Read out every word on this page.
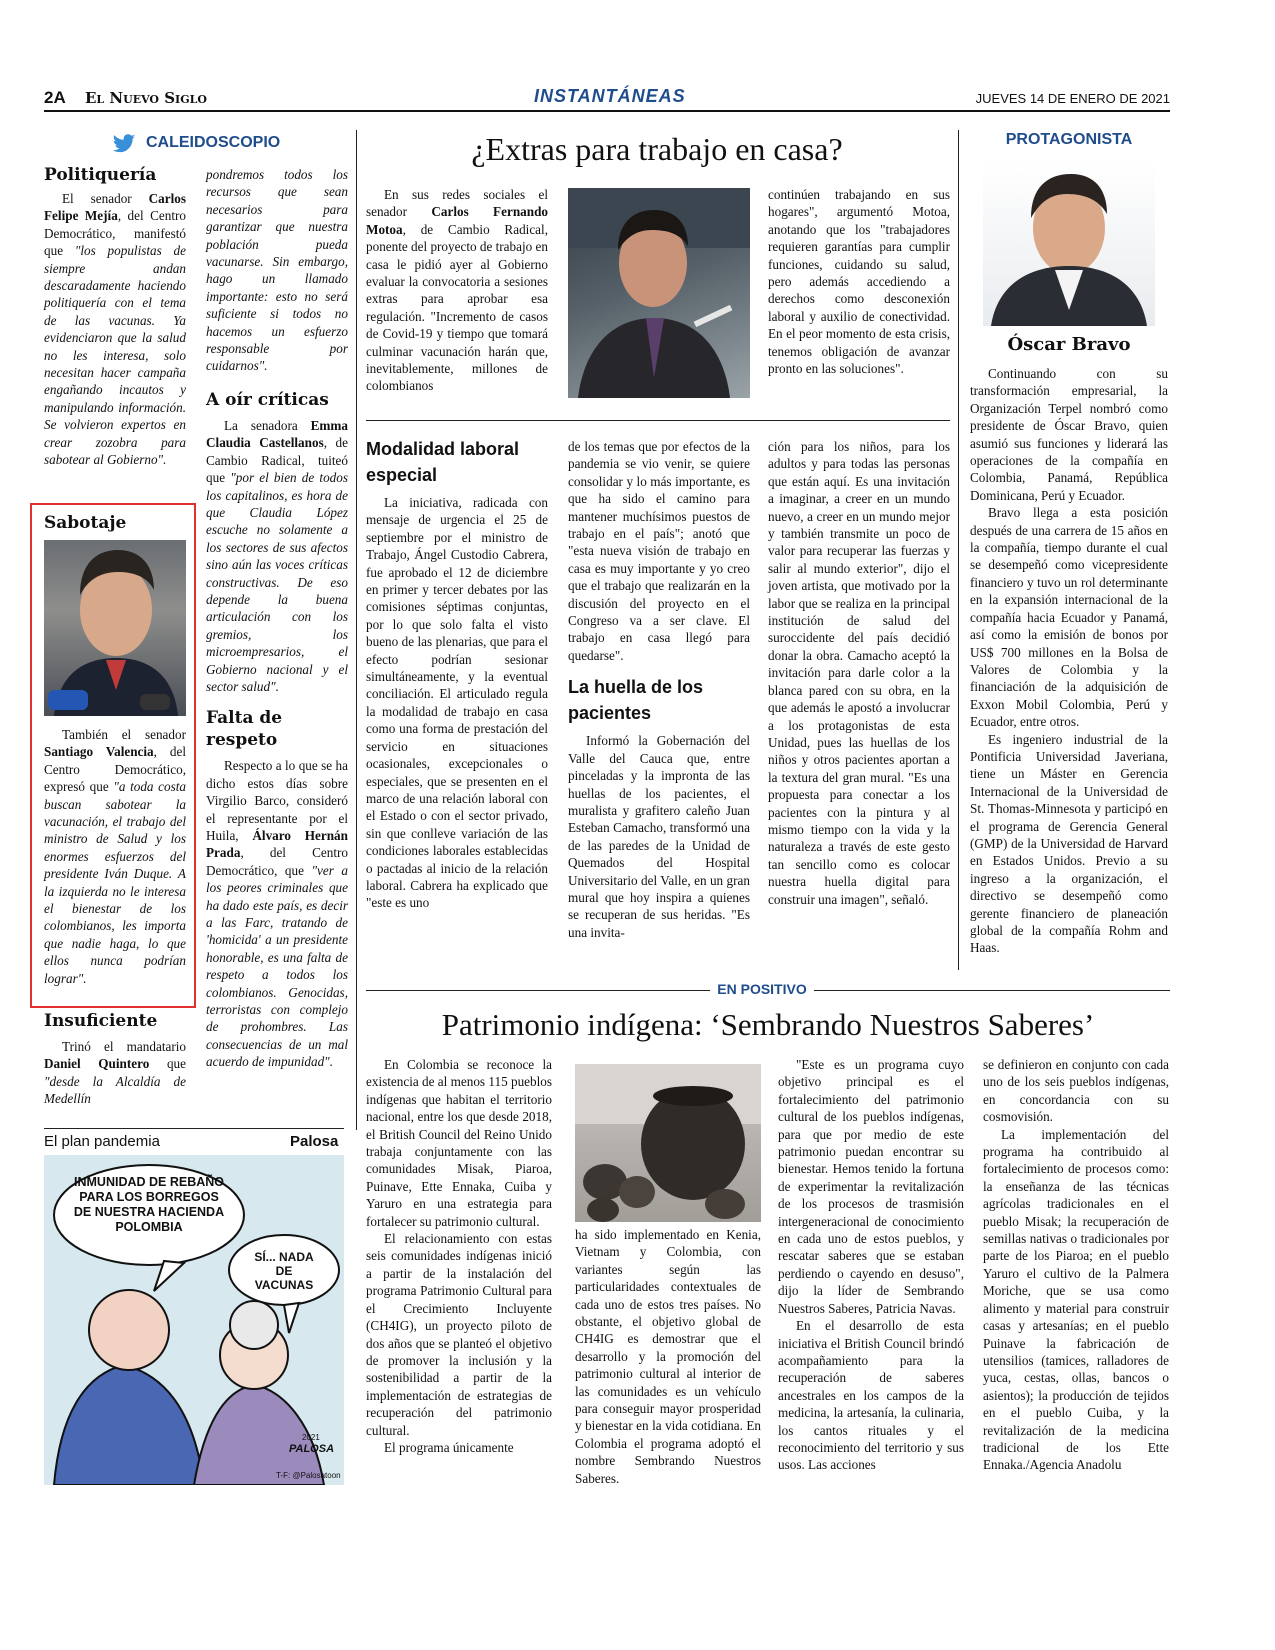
2A El Nuevo Siglo	INSTANTÁNEAS	JUEVES 14 DE ENERO DE 2021
CALEIDOSCOPIO
Politiquería

El senador Carlos Felipe Mejía, del Centro Democrático, manifestó que "los populistas de siempre andan descaradamente haciendo politiquería con el tema de las vacunas. Ya evidenciaron que la salud no les interesa, solo necesitan hacer campaña engañando incautos y manipulando información. Se volvieron expertos en crear zozobra para sabotear al Gobierno".

Sabotaje

También el senador Santiago Valencia, del Centro Democrático, expresó que "a toda costa buscan sabotear la vacunación, el trabajo del ministro de Salud y los enormes esfuerzos del presidente Iván Duque. A la izquierda no le interesa el bienestar de los colombianos, les importa que nadie haga, lo que ellos nunca podrían lograr".

Insuficiente

Trinó el mandatario Daniel Quintero que "desde la Alcaldía de Medellín

pondremos todos los recursos que sean necesarios para garantizar que nuestra población pueda vacunarse. Sin embargo, hago un llamado importante: esto no será suficiente si todos no hacemos un esfuerzo responsable por cuidarnos".
A oír críticas

La senadora Emma Claudia Castellanos, de Cambio Radical, tuiteó que "por el bien de todos los capitalinos, es hora de que Claudia López escuche no solamente a los sectores de sus afectos sino aún las voces críticas constructivas. De eso depende la buena articulación con los gremios, los microempresarios, el Gobierno nacional y el sector salud".

Falta de respeto

Respecto a lo que se ha dicho estos días sobre Virgilio Barco, consideró el representante por el Huila, Álvaro Hernán Prada, del Centro Democrático, que "ver a los peores criminales que ha dado este país, es decir a las Farc, tratando de 'homicida' a un presidente honorable, es una falta de respeto a todos los colombianos. Genocidas, terroristas con complejo de prohombres. Las consecuencias de un mal acuerdo de impunidad".

El plan pandemia	Palosa
INMUNIDAD DE REBAÑO PARA LOS BORREGOS DE NUESTRA HACIENDA POLOMBIA
SÍ... NADA DE VACUNAS
PALOSA
2021
T-F: @Palosatoon
¿Extras para trabajo en casa?

En sus redes sociales el senador Carlos Fernando Motoa, de Cambio Radical, ponente del proyecto de trabajo en casa le pidió ayer al Gobierno evaluar la convocatoria a sesiones extras para aprobar esa regulación. "Incremento de casos de Covid-19 y tiempo que tomará culminar vacunación harán que, inevitablemente, millones de colombianos

continúen trabajando en sus hogares", argumentó Motoa, anotando que los "trabajadores requieren garantías para cumplir funciones, cuidando su salud, pero además accediendo a derechos como desconexión laboral y auxilio de conectividad. En el peor momento de esta crisis, tenemos obligación de avanzar pronto en las soluciones".

Modalidad laboral especial

La iniciativa, radicada con mensaje de urgencia el 25 de septiembre por el ministro de Trabajo, Ángel Custodio Cabrera, fue aprobado el 12 de diciembre en primer y tercer debates por las comisiones séptimas conjuntas, por lo que solo falta el visto bueno de las plenarias, que para el efecto podrían sesionar simultáneamente, y la eventual conciliación. El articulado regula la modalidad de trabajo en casa como una forma de prestación del servicio en situaciones ocasionales, excepcionales o especiales, que se presenten en el marco de una relación laboral con el Estado o con el sector privado, sin que conlleve variación de las condiciones laborales establecidas o pactadas al inicio de la relación laboral. Cabrera ha explicado que "este es uno

de los temas que por efectos de la pandemia se vio venir, se quiere consolidar y lo más importante, es que ha sido el camino para mantener muchísimos puestos de trabajo en el país"; anotó que "esta nueva visión de trabajo en casa es muy importante y yo creo que el trabajo que realizarán en la discusión del proyecto en el Congreso va a ser clave. El trabajo en casa llegó para quedarse".

La huella de los pacientes

Informó la Gobernación del Valle del Cauca que, entre pinceladas y la impronta de las huellas de los pacientes, el muralista y grafitero caleño Juan Esteban Camacho, transformó una de las paredes de la Unidad de Quemados del Hospital Universitario del Valle, en un gran mural que hoy inspira a quienes se recuperan de sus heridas. "Es una invita-

ción para los niños, para los adultos y para todas las personas que están aquí. Es una invitación a imaginar, a creer en un mundo nuevo, a creer en un mundo mejor y también transmite un poco de valor para recuperar las fuerzas y salir al mundo exterior", dijo el joven artista, que motivado por la labor que se realiza en la principal institución de salud del suroccidente del país decidió donar la obra. Camacho aceptó la invitación para darle color a la blanca pared con su obra, en la que además le apostó a involucrar a los protagonistas de esta Unidad, pues las huellas de los niños y otros pacientes aportan a la textura del gran mural. "Es una propuesta para conectar a los pacientes con la pintura y al mismo tiempo con la vida y la naturaleza a través de este gesto tan sencillo como es colocar nuestra huella digital para construir una imagen", señaló.

PROTAGONISTA
Óscar Bravo

Continuando con su transformación empresarial, la Organización Terpel nombró como presidente de Óscar Bravo, quien asumió sus funciones y liderará las operaciones de la compañía en Colombia, Panamá, República Dominicana, Perú y Ecuador.

Bravo llega a esta posición después de una carrera de 15 años en la compañía, tiempo durante el cual se desempeñó como vicepresidente financiero y tuvo un rol determinante en la expansión internacional de la compañía hacia Ecuador y Panamá, así como la emisión de bonos por US$ 700 millones en la Bolsa de Valores de Colombia y la financiación de la adquisición de Exxon Mobil Colombia, Perú y Ecuador, entre otros.

Es ingeniero industrial de la Pontificia Universidad Javeriana, tiene un Máster en Gerencia Internacional de la Universidad de St. Thomas-Minnesota y participó en el programa de Gerencia General (GMP) de la Universidad de Harvard en Estados Unidos. Previo a su ingreso a la organización, el directivo se desempeñó como gerente financiero de planeación global de la compañía Rohm and Haas.

EN POSITIVO
Patrimonio indígena: ‘Sembrando Nuestros Saberes’

En Colombia se reconoce la existencia de al menos 115 pueblos indígenas que habitan el territorio nacional, entre los que desde 2018, el British Council del Reino Unido trabaja conjuntamente con las comunidades Misak, Piaroa, Puinave, Ette Ennaka, Cuiba y Yaruro en una estrategia para fortalecer su patrimonio cultural.

El relacionamiento con estas seis comunidades indígenas inició a partir de la instalación del programa Patrimonio Cultural para el Crecimiento Incluyente (CH4IG), un proyecto piloto de dos años que se planteó el objetivo de promover la inclusión y la sostenibilidad a partir de la implementación de estrategias de recuperación del patrimonio cultural.

El programa únicamente

ha sido implementado en Kenia, Vietnam y Colombia, con variantes según las particularidades contextuales de cada uno de estos tres países. No obstante, el objetivo global de CH4IG es demostrar que el desarrollo y la promoción del patrimonio cultural al interior de las comunidades es un vehículo para conseguir mayor prosperidad y bienestar en la vida cotidiana. En Colombia el programa adoptó el nombre Sembrando Nuestros Saberes.

"Este es un programa cuyo objetivo principal es el fortalecimiento del patrimonio cultural de los pueblos indígenas, para que por medio de este patrimonio puedan encontrar su bienestar. Hemos tenido la fortuna de experimentar la revitalización de los procesos de trasmisión intergeneracional de conocimiento en cada uno de estos pueblos, y rescatar saberes que se estaban perdiendo o cayendo en desuso", dijo la líder de Sembrando Nuestros Saberes, Patricia Navas.

En el desarrollo de esta iniciativa el British Council brindó acompañamiento para la recuperación de saberes ancestrales en los campos de la medicina, la artesanía, la culinaria, los cantos rituales y el reconocimiento del territorio y sus usos. Las acciones

se definieron en conjunto con cada uno de los seis pueblos indígenas, en concordancia con su cosmovisión.

La implementación del programa ha contribuido al fortalecimiento de procesos como: la enseñanza de las técnicas agrícolas tradicionales en el pueblo Misak; la recuperación de semillas nativas o tradicionales por parte de los Piaroa; en el pueblo Yaruro el cultivo de la Palmera Moriche, que se usa como alimento y material para construir casas y artesanías; en el pueblo Puinave la fabricación de utensilios (tamices, ralladores de yuca, cestas, ollas, bancos o asientos); la producción de tejidos en el pueblo Cuiba, y la revitalización de la medicina tradicional de los Ette Ennaka./Agencia Anadolu
